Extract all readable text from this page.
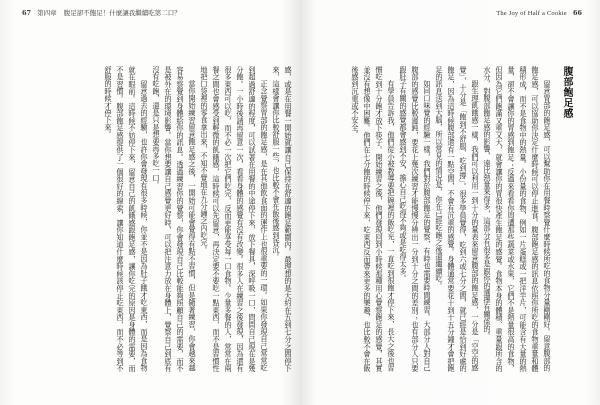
67 第四章 腹足卻不飽足！什麼讓我繼續吃第二口？	The Joy of Half a Cookie 66
腹部飽足感

留意胃部的飽足感，可以幫助你在用餐時察覺什麼時候所吃的食物分量剛剛好。留意腹部的飽足感，可以協助你決定什麼時候可以停止進食。腹部飽足感的訊息依照你所吃的食物重量和體積形成，而不是食物中的熱量。小份量的食物，例如一片蛋糕或一把洋芋片，可能含有大量的熱量，卻不會讓你的胃感到飽足；反過來看看你周遭那些蔬菜或水果，它們不是熱量很高的食物，但因為它們飽滿又重又大，就會讓你的胃很快產生飽足的感覺。食物本身的體積、重量跟所含的水分，對腹部飽足感的影響，遠比熱量來得多，這部分有很多是跟你的選擇有關係的。

跟生理飢餓感一樣，我們可以利用一到十分的量表來留意腹部的飽足感，一分是「空空的感覺」，十分是「飽到不舒服、吃到撐」。很多學員覺得，吃到六或七分之間，就已經是恰到好處的飽足，因為這時候腹部還有一點空間，不會有沉重的感覺。身體通常要花十到十五分鐘才會把飽足的訊息送到大腦，所以常見的情況是，你在已經吃飽之後還繼續吃。

如同口味覺的經驗一樣，我們對於腹部飽足的覺察，有時也需要時間練習。大部分人對自己腹部的感覺比較遲鈍，要花上幾次練習才能慢慢分辨出一分到十分之間的差別；也有部分人只要跟肚子有關的感覺都會感到不安，擔心自己吃得不夠或是吃得太多。

有學員告訴我，他們從小被教導要把碗裡的飯吃光，一直吃到很飽才停下來，長大之後也習慣吃到十分飽才放下筷子。開始練習之後，他們發現回到小時候那種用心覺察飽足的感覺，其實並沒有想像中困難。他們在七分飽的時候停下來，吃東西反而帶來更多的樂趣，也比較不會在飯後感到沉重或不安全。

感，或是在用餐一開始就讓自己保持在舒適的飽足範圍內。最理想的是大約在五到七分之間停下來，這樣會讓你比較舒服一些，也比較不會在飯後感到昏沉。

正念覺察胃部的飽足感，是在其他飲食面的運作上也很重要的一環。如果你發現自己常常吃到超過舒適的程度，可以試著在用餐的中途停下來，放下餐具，深呼吸一口，問問自己現在是幾分飽。一小時後請再留意一次，看看身體的感覺有沒有改變。很多人在練習之後發現，因為還有很多東西可以吃，而不必一次把它們吃完，反而更能享受每一口食物。少量多餐的人，常常在兩餐之間也會感受到輕微的飢餓感，這時候可以先留意，再決定要不要吃一點東西，而不是習慣性地把口袋裡的零食拿出來，不知不覺地在九分鐘之內吃完。

當你開始練習留意飽足感之後，一開始可能會覺得有點不習慣，但是隨著練習，你會越來越容易察覺到身體給你的訊息。透過練習你的覺察，你會發現自己比較能夠照顧自己的需要，而不是被外在的環境影響。當你想要讓自己感覺更好時，可以把注意力放在身體上，覺察自己到底有沒有吃飽，還是只是想要再多吃一口。

留意過去的經驗，也許你會發現有很多時候，你並不是因為肚子餓才吃東西，而是因為食物就在眼前。這時候不妨停下來，留意自己的飢餓感跟飽足感，讓你吃完的原因是身體的需要，而不是習慣。腹部飽足感提供了一個很好的線索，讓你知道什麼時候該停止吃東西，而不必等到不舒服的時候才停下來。
